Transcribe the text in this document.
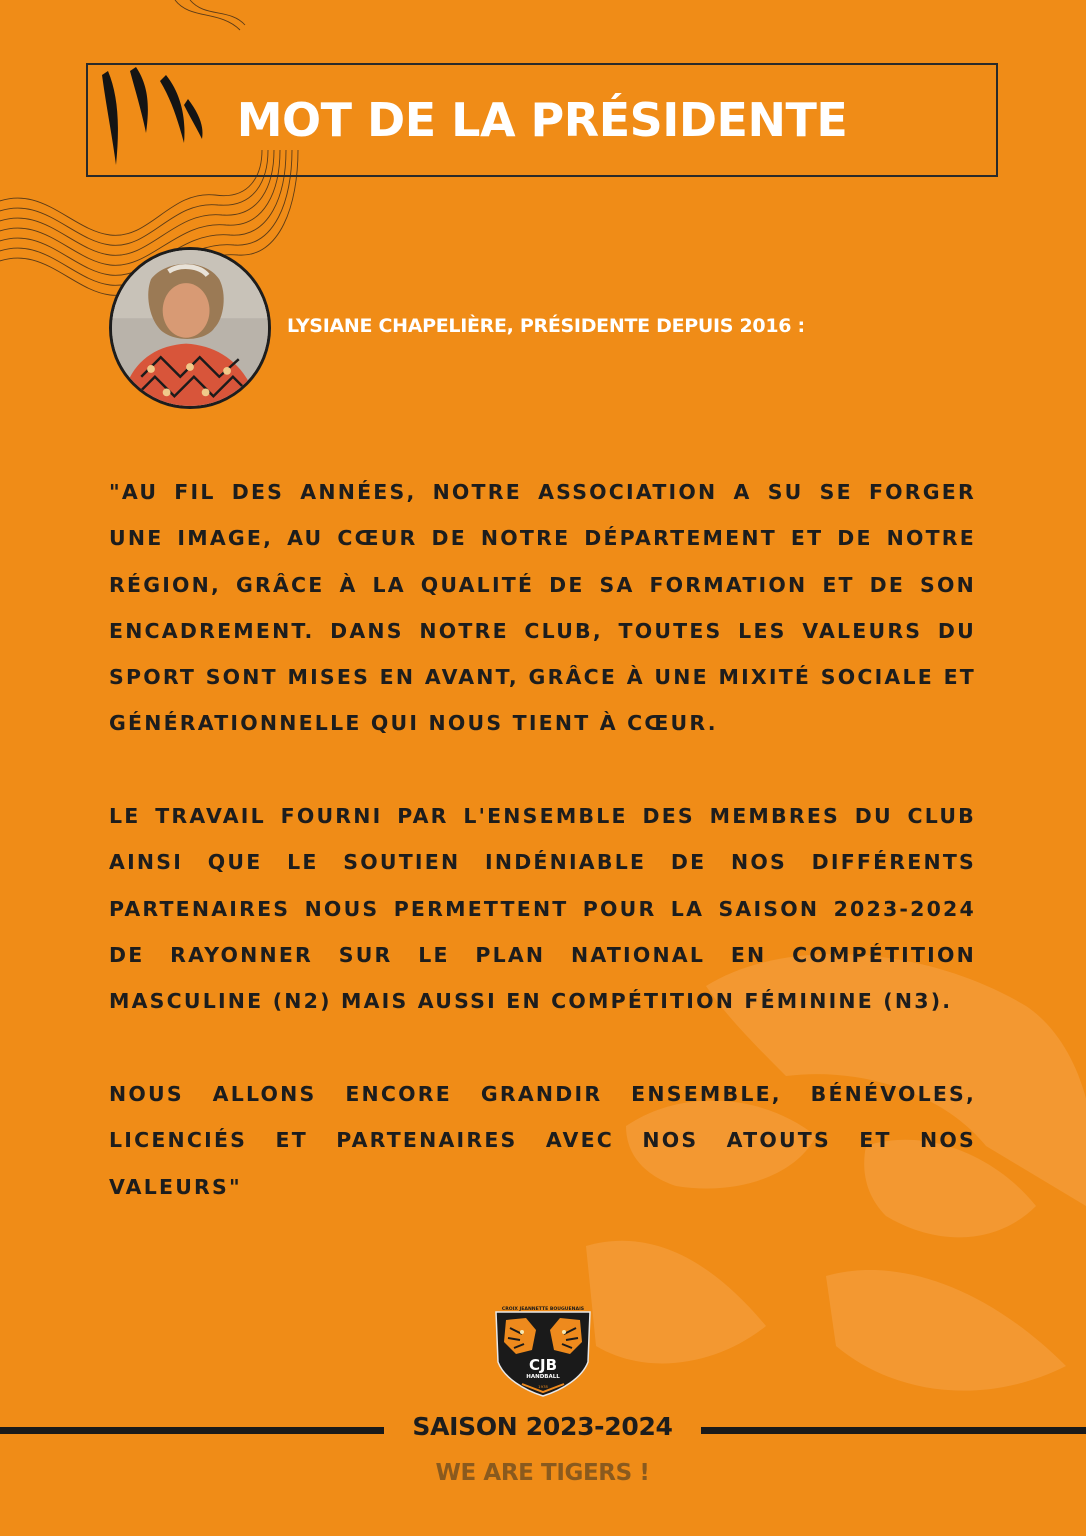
MOT DE LA PRÉSIDENTE

LYSIANE CHAPELIÈRE, PRÉSIDENTE DEPUIS 2016 :

"AU FIL DES ANNÉES, NOTRE ASSOCIATION A SU SE FORGER UNE IMAGE, AU CŒUR DE NOTRE DÉPARTEMENT ET DE NOTRE RÉGION, GRÂCE À LA QUALITÉ DE SA FORMATION ET DE SON ENCADREMENT. DANS NOTRE CLUB, TOUTES LES VALEURS DU SPORT SONT MISES EN AVANT, GRÂCE À UNE MIXITÉ SOCIALE ET GÉNÉRATIONNELLE QUI NOUS TIENT À CŒUR.

LE TRAVAIL FOURNI PAR L'ENSEMBLE DES MEMBRES DU CLUB AINSI QUE LE SOUTIEN INDÉNIABLE DE NOS DIFFÉRENTS PARTENAIRES NOUS PERMETTENT POUR LA SAISON 2023-2024 DE RAYONNER SUR LE PLAN NATIONAL EN COMPÉTITION MASCULINE (N2) MAIS AUSSI EN COMPÉTITION FÉMININE (N3).

NOUS ALLONS ENCORE GRANDIR ENSEMBLE, BÉNÉVOLES, LICENCIÉS ET PARTENAIRES AVEC NOS ATOUTS ET NOS VALEURS"

CROIX JEANNETTE BOUGUENAIS
CJB
HANDBALL
1978

SAISON 2023-2024

WE ARE TIGERS !
